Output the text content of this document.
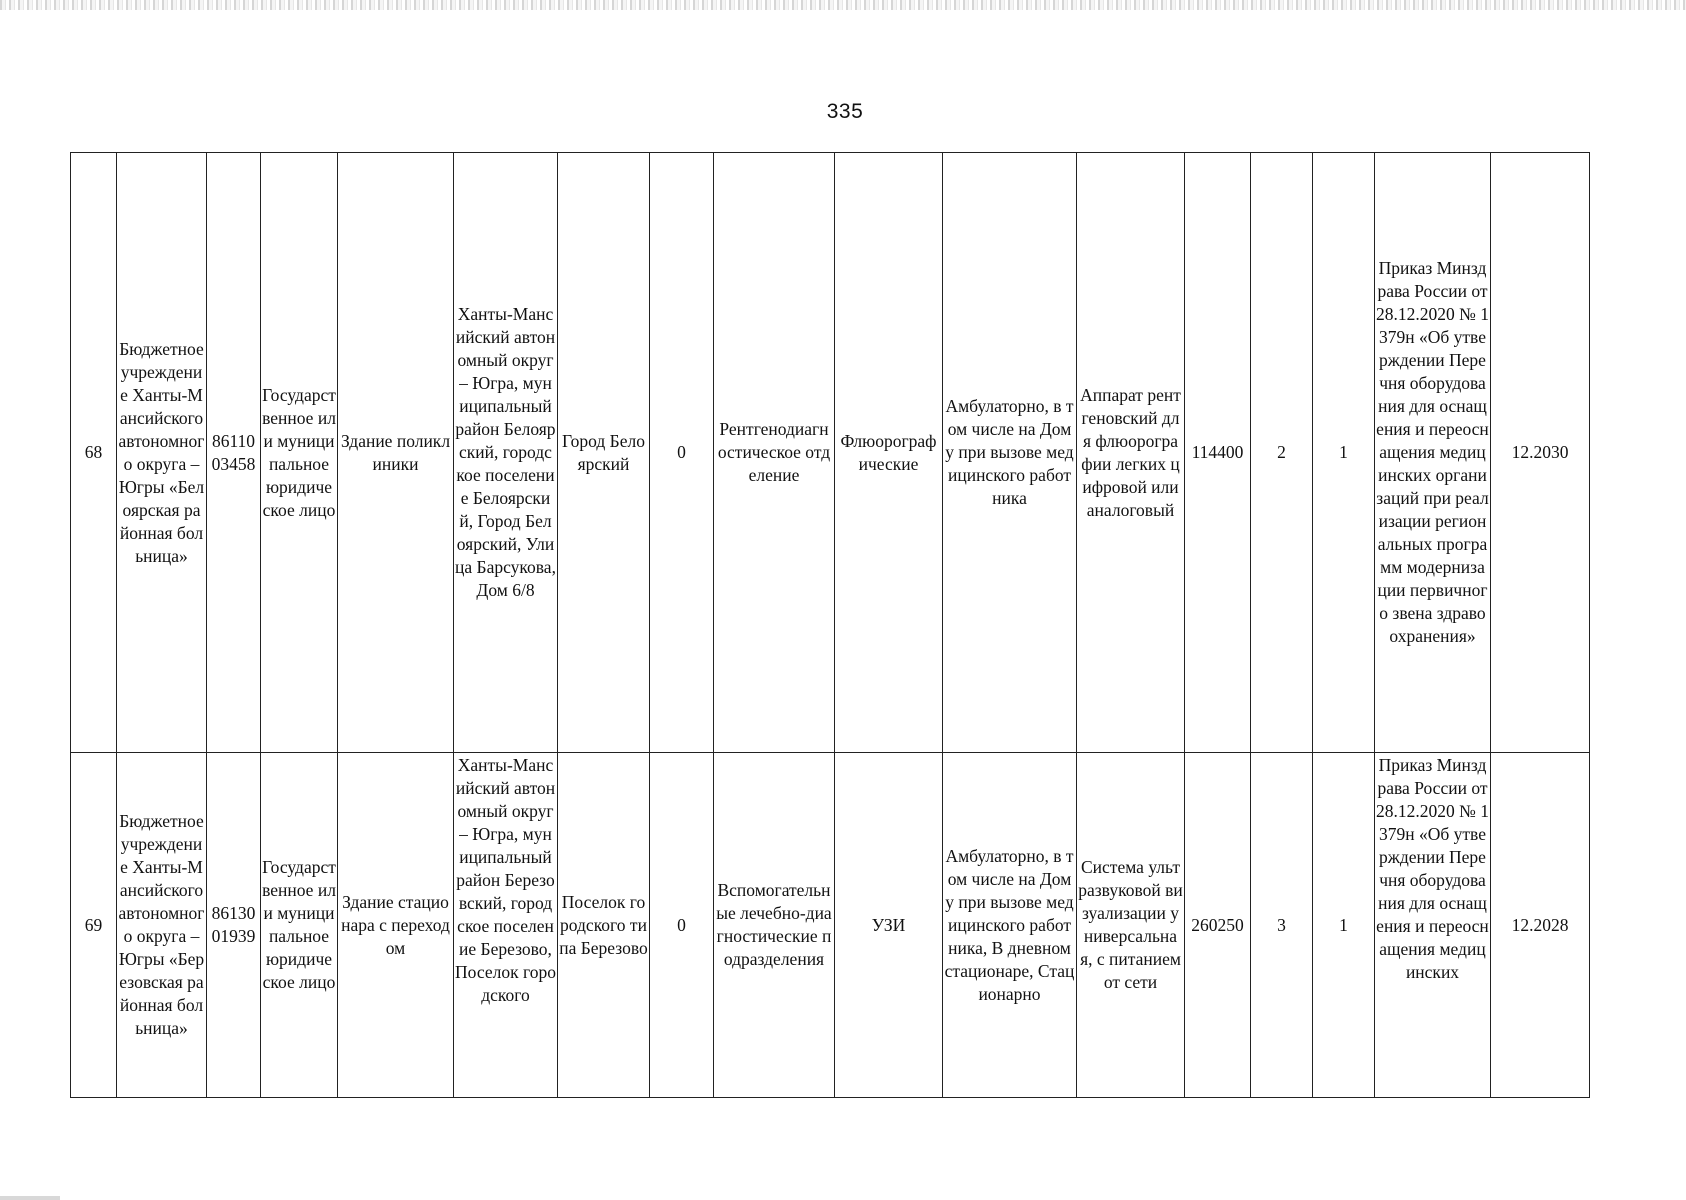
335
68	Бюджетное учреждение Ханты-Мансийского автономного округа – Югры «Белоярская районная больница»	8611003458	Государственное или муниципальное юридическое лицо	Здание поликлиники	Ханты-Мансийский автономный округ – Югра, муниципальный район Белоярский, городское поселение Белоярский, Город Белоярский, Улица Барсукова, Дом 6/8	Город Белоярский	0	Рентгенодиагностическое отделение	Флюорографические	Амбулаторно, в том числе на Дому при вызове медицинского работника	Аппарат рентгеновский для флюорографии легких цифровой или аналоговый	114400	2	1	Приказ Минздрава России от 28.12.2020 № 1379н «Об утверждении Перечня оборудования для оснащения и переоснащения медицинских организаций при реализации региональных программ модернизации первичного звена здравоохранения»	12.2030
69	Бюджетное учреждение Ханты-Мансийского автономного округа – Югры «Березовская районная больница»	8613001939	Государственное или муниципальное юридическое лицо	Здание стационара с переходом	Ханты-Мансийский автономный округ – Югра, муниципальный район Березовский, городское поселение Березово, Поселок городского	Поселок городского типа Березово	0	Вспомогательные лечебно-диагностические подразделения	УЗИ	Амбулаторно, в том числе на Дому при вызове медицинского работника, В дневном стационаре, Стационарно	Система ультразвуковой визуализации универсальная, с питанием от сети	260250	3	1	Приказ Минздрава России от 28.12.2020 № 1379н «Об утверждении Перечня оборудования для оснащения и переоснащения медицинских	12.2028
